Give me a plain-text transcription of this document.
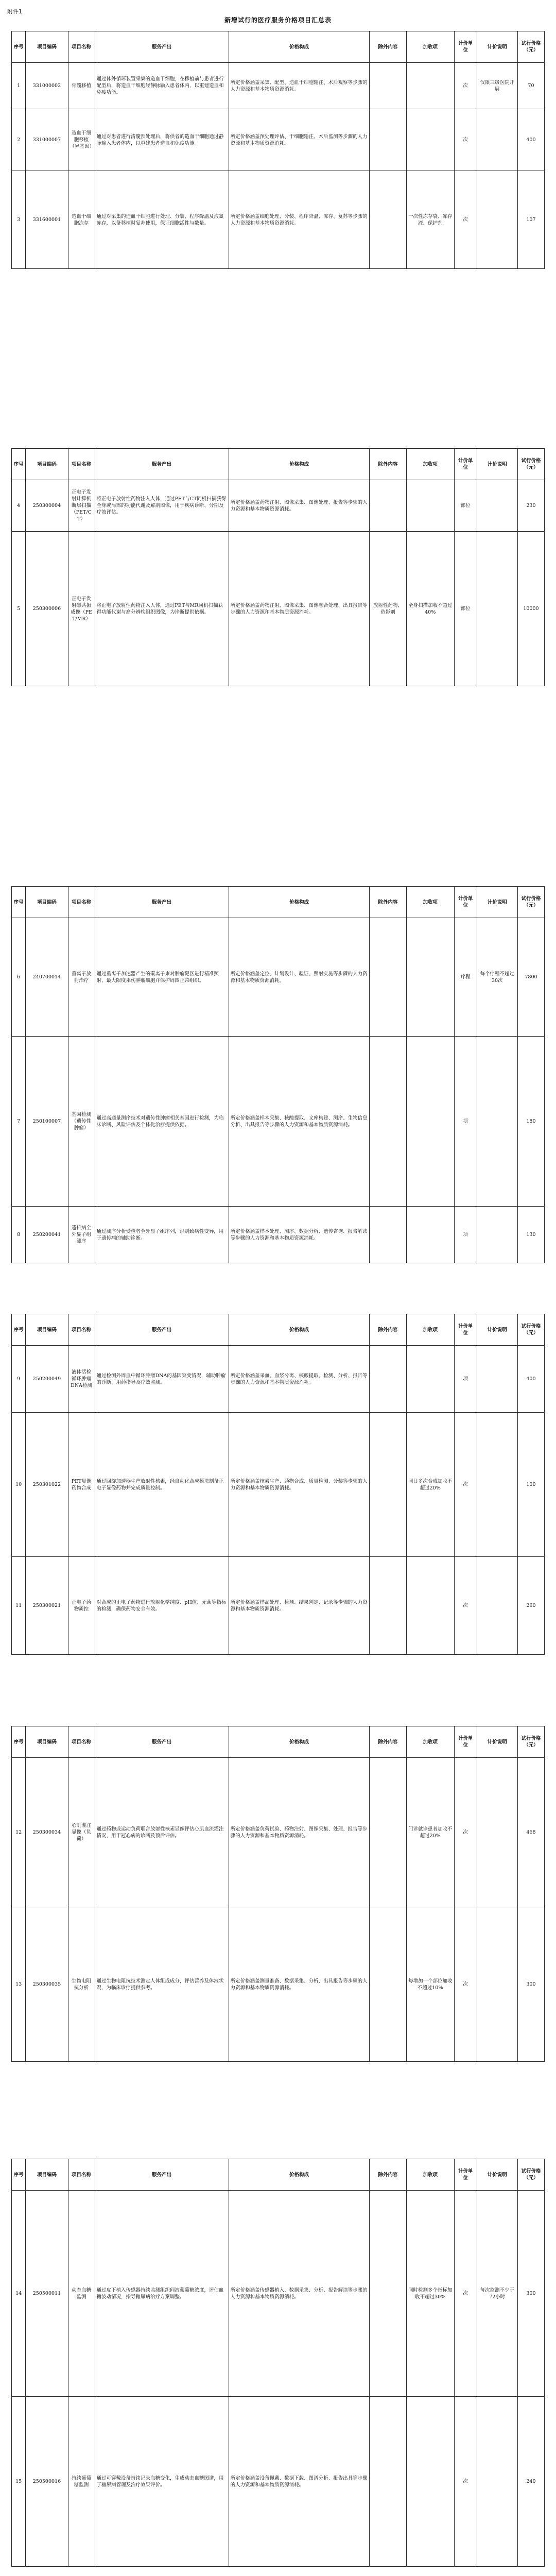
附件1
新增试行的医疗服务价格项目汇总表
序号	项目编码	项目名称	服务产出	价格构成	除外内容	加收项	计价单位	计价说明	试行价格（元）
1	331000002	骨髓移植	通过体外循环装置采集的造血干细胞，在移植前与患者进行配型后，将造血干细胞经静脉输入患者体内，以重建造血和免疫功能。	所定价格涵盖采集、配型、造血干细胞输注、术后观察等步骤的人力资源和基本物质资源消耗。			次	仅限三级医院开展	70
2	331000007	造血干细胞移植（异基因）	通过对患者进行清髓预处理后，将供者的造血干细胞通过静脉输入患者体内，以重建患者造血和免疫功能。	所定价格涵盖预处理评估、干细胞输注、术后监测等步骤的人力资源和基本物质资源消耗。			次		400
3	331600001	造血干细胞冻存	通过对采集的造血干细胞进行处理、分装、程序降温及液氮冻存，以备移植时复苏使用，保证细胞活性与数量。	所定价格涵盖细胞处理、分装、程序降温、冻存、复苏等步骤的人力资源和基本物质资源消耗。		一次性冻存袋、冻存液、保护剂	次		107
序号	项目编码	项目名称	服务产出	价格构成	除外内容	加收项	计价单位	计价说明	试行价格（元）
4	250300004	正电子发射计算机断层扫描（PET/CT）	将正电子放射性药物注入人体，通过PET与CT同机扫描获得全身或局部的功能代谢及解剖图像，用于疾病诊断、分期及疗效评估。	所定价格涵盖药物注射、图像采集、图像处理、报告等步骤的人力资源和基本物质资源消耗。			部位		230
5	250300006	正电子发射磁共振成像（PET/MR）	将正电子放射性药物注入人体，通过PET与MR同机扫描获得功能代谢与高分辨软组织图像，为诊断提供依据。	所定价格涵盖药物注射、图像采集、图像融合处理、出具报告等步骤的人力资源和基本物质资源消耗。	放射性药物、造影剂	全身扫描加收不超过40%	部位		10000
序号	项目编码	项目名称	服务产出	价格构成	除外内容	加收项	计价单位	计价说明	试行价格（元）
6	240700014	重离子放射治疗	通过重离子加速器产生的碳离子束对肿瘤靶区进行精准照射，最大限度杀伤肿瘤细胞并保护周围正常组织。	所定价格涵盖定位、计划设计、验证、照射实施等步骤的人力资源和基本物质资源消耗。			疗程	每个疗程不超过30次	7800
7	250100007	基因检测（遗传性肿瘤）	通过高通量测序技术对遗传性肿瘤相关基因进行检测，为临床诊断、风险评估及个体化治疗提供依据。	所定价格涵盖样本采集、核酸提取、文库构建、测序、生物信息分析、出具报告等步骤的人力资源和基本物质资源消耗。			项		180
8	250200041	遗传病全外显子组测序	通过测序分析受检者全外显子组序列，识别致病性变异，用于遗传病的辅助诊断。	所定价格涵盖样本处理、测序、数据分析、遗传咨询、报告解读等步骤的人力资源和基本物质资源消耗。			项		130
序号	项目编码	项目名称	服务产出	价格构成	除外内容	加收项	计价单位	计价说明	试行价格（元）
9	250200049	液体活检循环肿瘤DNA检测	通过检测外周血中循环肿瘤DNA的基因突变情况，辅助肿瘤的诊断、用药指导及疗效监测。	所定价格涵盖采血、血浆分离、核酸提取、检测、分析、报告等步骤的人力资源和基本物质资源消耗。			项		400
10	250301022	PET显像药物合成	通过回旋加速器生产放射性核素，经自动化合成模块制备正电子显像药物并完成质量控制。	所定价格涵盖核素生产、药物合成、质量检测、分装等步骤的人力资源和基本物质资源消耗。		同日多次合成加收不超过20%	次		100
11	250300021	正电子药物质控	对合成的正电子药物进行放射化学纯度、pH值、无菌等指标的检测，确保药物安全有效。	所定价格涵盖样品处理、检测、结果判定、记录等步骤的人力资源和基本物质资源消耗。			次		260
序号	项目编码	项目名称	服务产出	价格构成	除外内容	加收项	计价单位	计价说明	试行价格（元）
12	250300034	心肌灌注显像（负荷）	通过药物或运动负荷联合放射性核素显像评估心肌血流灌注情况，用于冠心病的诊断及预后评估。	所定价格涵盖负荷试验、药物注射、图像采集、处理、报告等步骤的人力资源和基本物质资源消耗。		门诊就诊患者加收不超过20%	次		468
13	250300035	生物电阻抗分析	通过生物电阻抗技术测定人体组成成分，评估营养及体液状况，为临床诊疗提供参考。	所定价格涵盖测量准备、数据采集、分析、出具报告等步骤的人力资源和基本物质资源消耗。		每增加一个部位加收不超过10%	次		300
序号	项目编码	项目名称	服务产出	价格构成	除外内容	加收项	计价单位	计价说明	试行价格（元）
14	250500011	动态血糖监测	通过皮下植入传感器持续监测组织间液葡萄糖浓度，评估血糖波动情况，指导糖尿病治疗方案调整。	所定价格涵盖传感器植入、数据采集、分析、报告解读等步骤的人力资源和基本物质资源消耗。		同时检测多个指标加收不超过30%	次	每次监测不少于72小时	300
15	250500016	持续葡萄糖监测	通过可穿戴设备持续记录血糖变化，生成动态血糖图谱，用于糖尿病管理及治疗效果评价。	所定价格涵盖设备佩戴、数据下载、图谱分析、报告出具等步骤的人力资源和基本物质资源消耗。			次		240
